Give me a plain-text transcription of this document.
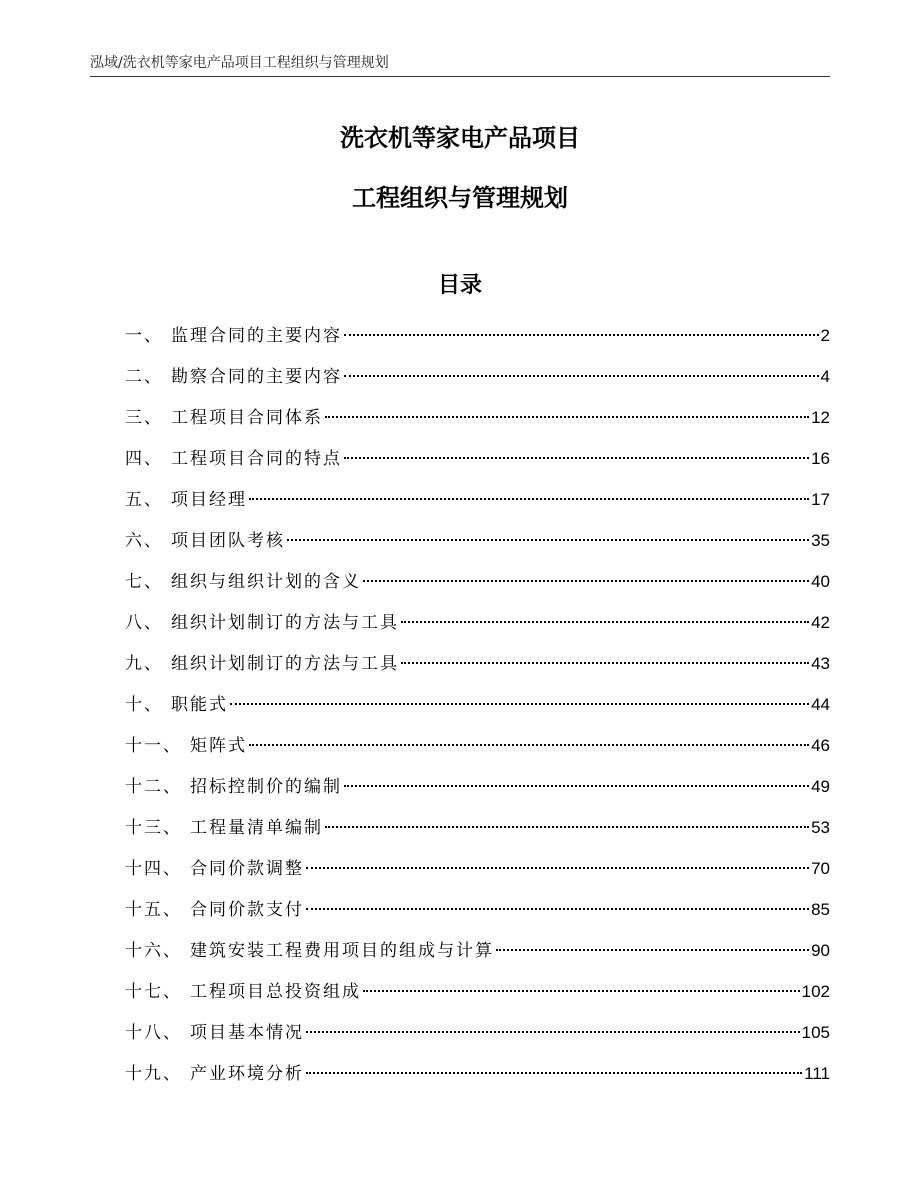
泓域/洗衣机等家电产品项目工程组织与管理规划
洗衣机等家电产品项目
工程组织与管理规划
目录
一、 监理合同的主要内容	2
二、 勘察合同的主要内容	4
三、 工程项目合同体系	12
四、 工程项目合同的特点	16
五、 项目经理	17
六、 项目团队考核	35
七、 组织与组织计划的含义	40
八、 组织计划制订的方法与工具	42
九、 组织计划制订的方法与工具	43
十、 职能式	44
十一、 矩阵式	46
十二、 招标控制价的编制	49
十三、 工程量清单编制	53
十四、 合同价款调整	70
十五、 合同价款支付	85
十六、 建筑安装工程费用项目的组成与计算	90
十七、 工程项目总投资组成	102
十八、 项目基本情况	105
十九、 产业环境分析	111
